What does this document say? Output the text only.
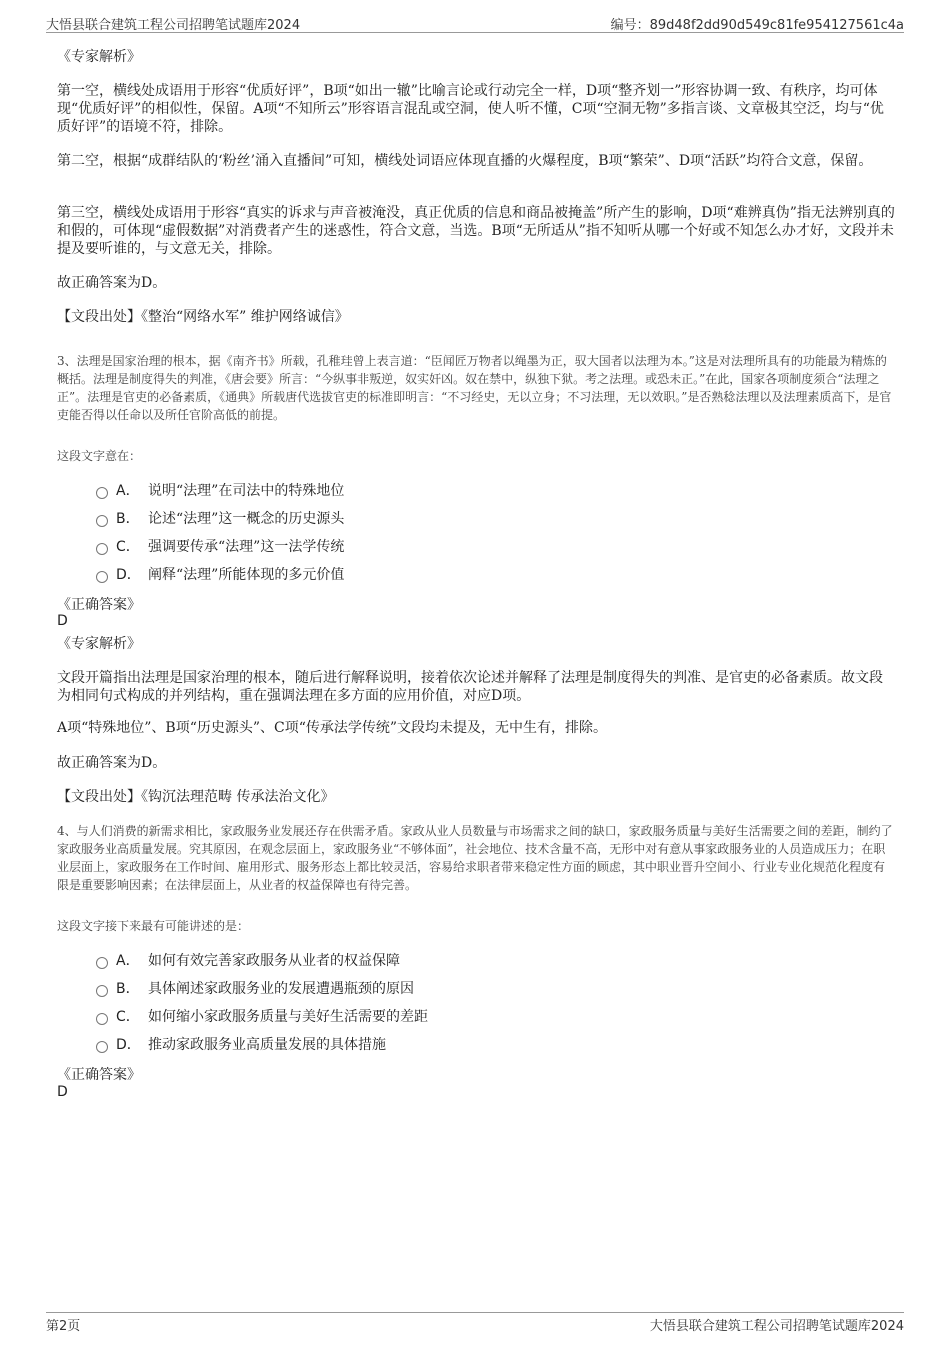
大悟县联合建筑工程公司招聘笔试题库2024	编号：89d48f2dd90d549c81fe954127561c4a

《专家解析》

第一空，横线处成语用于形容“优质好评”，B项“如出一辙”比喻言论或行动完全一样，D项“整齐划一”形容协调一致、有秩序，均可体现“优质好评”的相似性，保留。A项“不知所云”形容语言混乱或空洞，使人听不懂，C项“空洞无物”多指言谈、文章极其空泛，均与“优质好评”的语境不符，排除。

第二空，根据“成群结队的‘粉丝’涌入直播间”可知，横线处词语应体现直播的火爆程度，B项“繁荣”、D项“活跃”均符合文意，保留。

第三空，横线处成语用于形容“真实的诉求与声音被淹没，真正优质的信息和商品被掩盖”所产生的影响，D项“难辨真伪”指无法辨别真的和假的，可体现“虚假数据”对消费者产生的迷惑性，符合文意，当选。B项“无所适从”指不知听从哪一个好或不知怎么办才好，文段并未提及要听谁的，与文意无关，排除。

故正确答案为D。

【文段出处】《整治“网络水军” 维护网络诚信》

3、法理是国家治理的根本，据《南齐书》所载，孔稚珪曾上表言道：“臣闻匠万物者以绳墨为正，驭大国者以法理为本。”这是对法理所具有的功能最为精炼的概括。法理是制度得失的判准，《唐会要》所言：“今纵事非叛逆，奴实奸凶。奴在禁中，纵独下狱。考之法理。或恐未正。”在此，国家各项制度须合“法理之正”。法理是官吏的必备素质，《通典》所载唐代选拔官吏的标准即明言：“不习经史，无以立身；不习法理，无以效职。”是否熟稔法理以及法理素质高下，是官吏能否得以任命以及所任官阶高低的前提。

这段文字意在：

A． 说明“法理”在司法中的特殊地位
B． 论述“法理”这一概念的历史源头
C． 强调要传承“法理”这一法学传统
D． 阐释“法理”所能体现的多元价值

《正确答案》

D

《专家解析》

文段开篇指出法理是国家治理的根本，随后进行解释说明，接着依次论述并解释了法理是制度得失的判准、是官吏的必备素质。故文段为相同句式构成的并列结构，重在强调法理在多方面的应用价值，对应D项。

A项“特殊地位”、B项“历史源头”、C项“传承法学传统”文段均未提及，无中生有，排除。

故正确答案为D。

【文段出处】《钩沉法理范畴 传承法治文化》

4、与人们消费的新需求相比，家政服务业发展还存在供需矛盾。家政从业人员数量与市场需求之间的缺口，家政服务质量与美好生活需要之间的差距，制约了家政服务业高质量发展。究其原因，在观念层面上，家政服务业“不够体面”，社会地位、技术含量不高，无形中对有意从事家政服务业的人员造成压力；在职业层面上，家政服务在工作时间、雇用形式、服务形态上都比较灵活，容易给求职者带来稳定性方面的顾虑，其中职业晋升空间小、行业专业化规范化程度有限是重要影响因素；在法律层面上，从业者的权益保障也有待完善。

这段文字接下来最有可能讲述的是：

A． 如何有效完善家政服务从业者的权益保障
B． 具体阐述家政服务业的发展遭遇瓶颈的原因
C． 如何缩小家政服务质量与美好生活需要的差距
D． 推动家政服务业高质量发展的具体措施

《正确答案》

D
第2页	大悟县联合建筑工程公司招聘笔试题库2024
